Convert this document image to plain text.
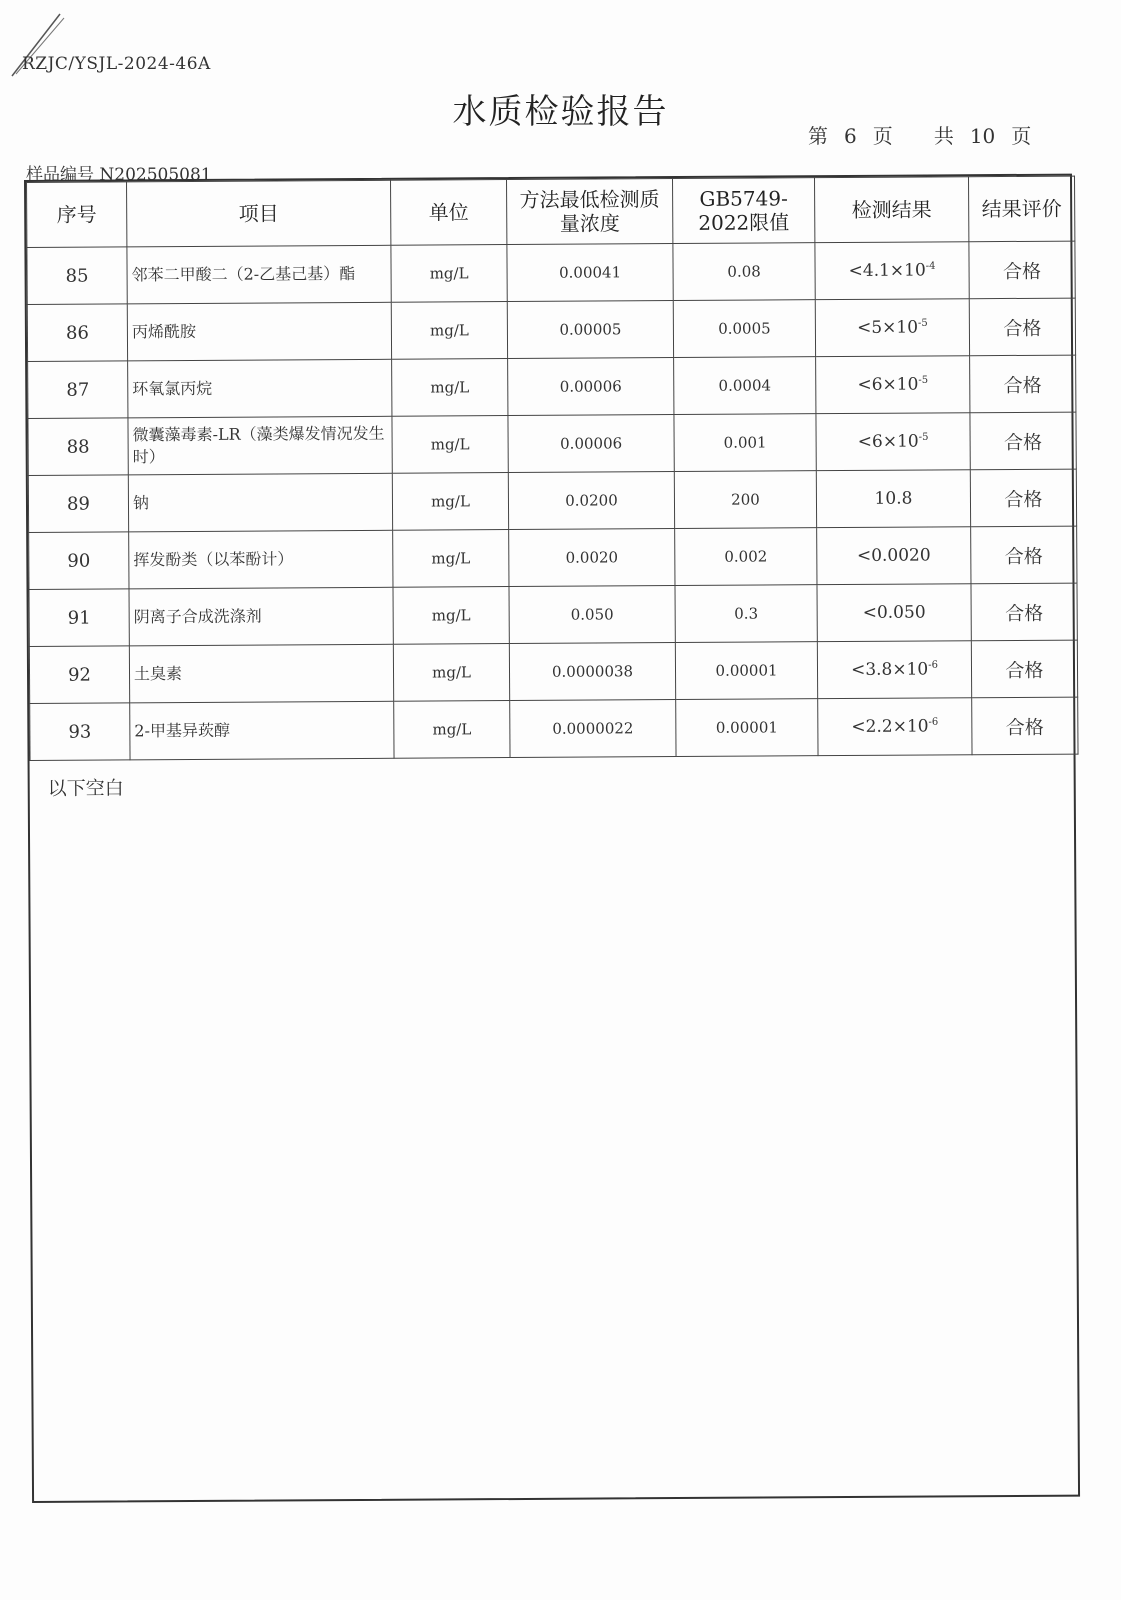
RZJC/YSJL-2024-46A
水质检验报告
第 6 页 共 10 页
样品编号 N202505081
序号	项目	单位	方法最低检测质量浓度	GB5749-2022限值	检测结果	结果评价
85	邻苯二甲酸二（2-乙基己基）酯	mg/L	0.00041	0.08	$<4.1\times 10^{-4}$	合格
86	丙烯酰胺	mg/L	0.00005	0.0005	$<5\times 10^{-5}$	合格
87	环氧氯丙烷	mg/L	0.00006	0.0004	$<6\times 10^{-5}$	合格
88	微囊藻毒素-LR（藻类爆发情况发生时）	mg/L	0.00006	0.001	$<6\times 10^{-5}$	合格
89	钠	mg/L	0.0200	200	10.8	合格
90	挥发酚类（以苯酚计）	mg/L	0.0020	0.002	<0.0020	合格
91	阴离子合成洗涤剂	mg/L	0.050	0.3	<0.050	合格
92	土臭素	mg/L	0.0000038	0.00001	$<3.8\times 10^{-6}$	合格
93	2-甲基异莰醇	mg/L	0.0000022	0.00001	$<2.2\times 10^{-6}$	合格
以下空白
